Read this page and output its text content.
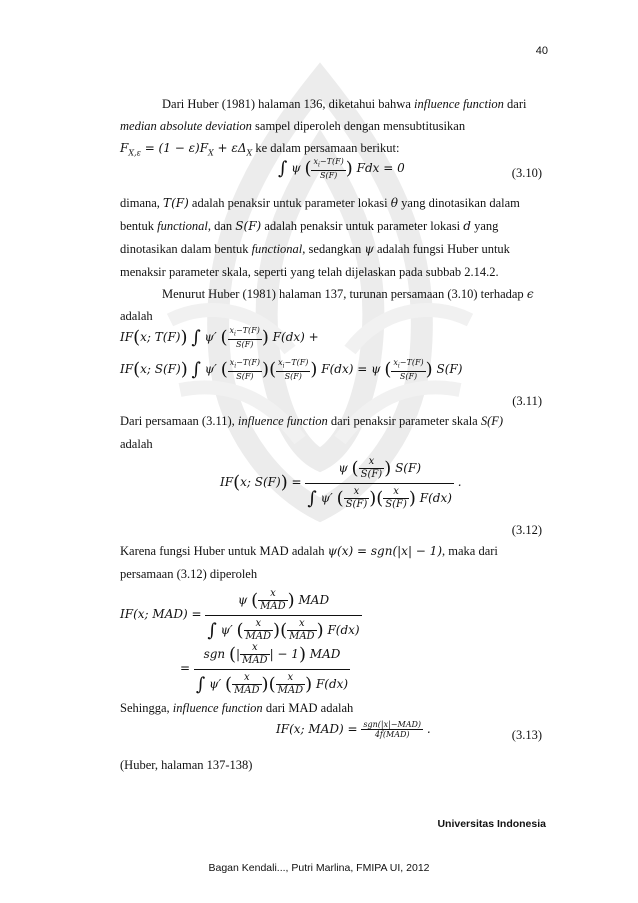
40
Dari Huber (1981) halaman 136, diketahui bahwa influence function dari
median absolute deviation sampel diperoleh dengan mensubtitusikan
$F_{X,\varepsilon} = (1 - \varepsilon)F_X + \varepsilon\Delta_X$ ke dalam persamaan berikut:
∫ ψ ( $\frac{x_i-T(F)}{S(F)}$ ) Fdx = 0	(3.10)
dimana, T(F) adalah penaksir untuk parameter lokasi θ yang dinotasikan dalam
bentuk functional, dan S(F) adalah penaksir untuk parameter lokasi d yang
dinotasikan dalam bentuk functional, sedangkan ψ adalah fungsi Huber untuk
menaksir parameter skala, seperti yang telah dijelaskan pada subbab 2.14.2.
Menurut Huber (1981) halaman 137, turunan persamaan (3.10) terhadap ϵ
adalah
IF(x; T(F)) ∫ ψ′ ( $\frac{x_i-T(F)}{S(F)}$ ) F(dx) +
IF(x; S(F)) ∫ ψ′ ( $\frac{x_i-T(F)}{S(F)}$ )( $\frac{x_i-T(F)}{S(F)}$ ) F(dx) = ψ ( $\frac{x_i-T(F)}{S(F)}$ ) S(F)
(3.11)
Dari persamaan (3.11), influence function dari penaksir parameter skala S(F)
adalah
IF(x; $S(F)) = \frac{\psi ( \frac{x}{S(F)} ) S(F)}{\int \psi' ( \frac{x}{S(F)} )( \frac{x}{S(F)} ) F(dx)}$ .
(3.12)
Karena fungsi Huber untuk MAD adalah ψ(x) = sgn(|x| − 1), maka dari
persamaan (3.12) diperoleh
IF(x; $MAD) = \frac{\psi ( \frac{x}{\text{MAD}} ) MAD}{\int \psi' ( \frac{x}{\text{MAD}} )( \frac{x}{\text{MAD}} ) F(dx)}$
= $\frac{sgn (| \frac{x}{\text{MAD}} | - 1) MAD}{\int \psi' ( \frac{x}{\text{MAD}} )( \frac{x}{\text{MAD}} ) F(dx)}$
Sehingga, influence function dari MAD adalah
IF(x; $MAD) = \frac{\text{sgn(|x|−MAD)}}{\text{4f(MAD)}}$ .	(3.13)
(Huber, halaman 137-138)
Universitas Indonesia
Bagan Kendali..., Putri Marlina, FMIPA UI, 2012
